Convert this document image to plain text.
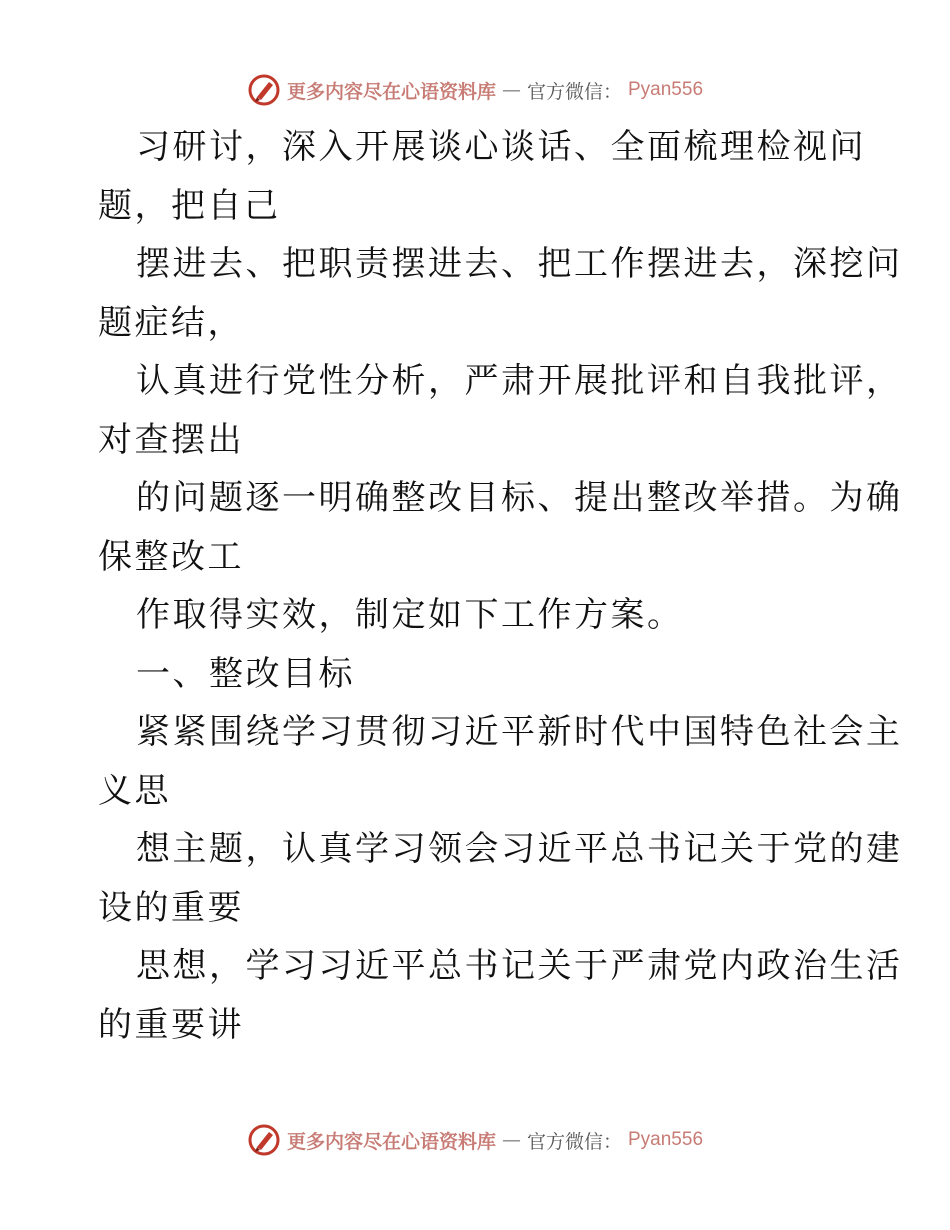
更多内容尽在心语资料库 — 官方微信： Pyan556
习研讨，深入开展谈心谈话、全面梳理检视问
题，把自己
摆进去、把职责摆进去、把工作摆进去，深挖问
题症结，
认真进行党性分析，严肃开展批评和自我批评，
对查摆出
的问题逐一明确整改目标、提出整改举措。为确
保整改工
作取得实效，制定如下工作方案。
一、整改目标
紧紧围绕学习贯彻习近平新时代中国特色社会主
义思
想主题，认真学习领会习近平总书记关于党的建
设的重要
思想，学习习近平总书记关于严肃党内政治生活
的重要讲
更多内容尽在心语资料库 — 官方微信： Pyan556
